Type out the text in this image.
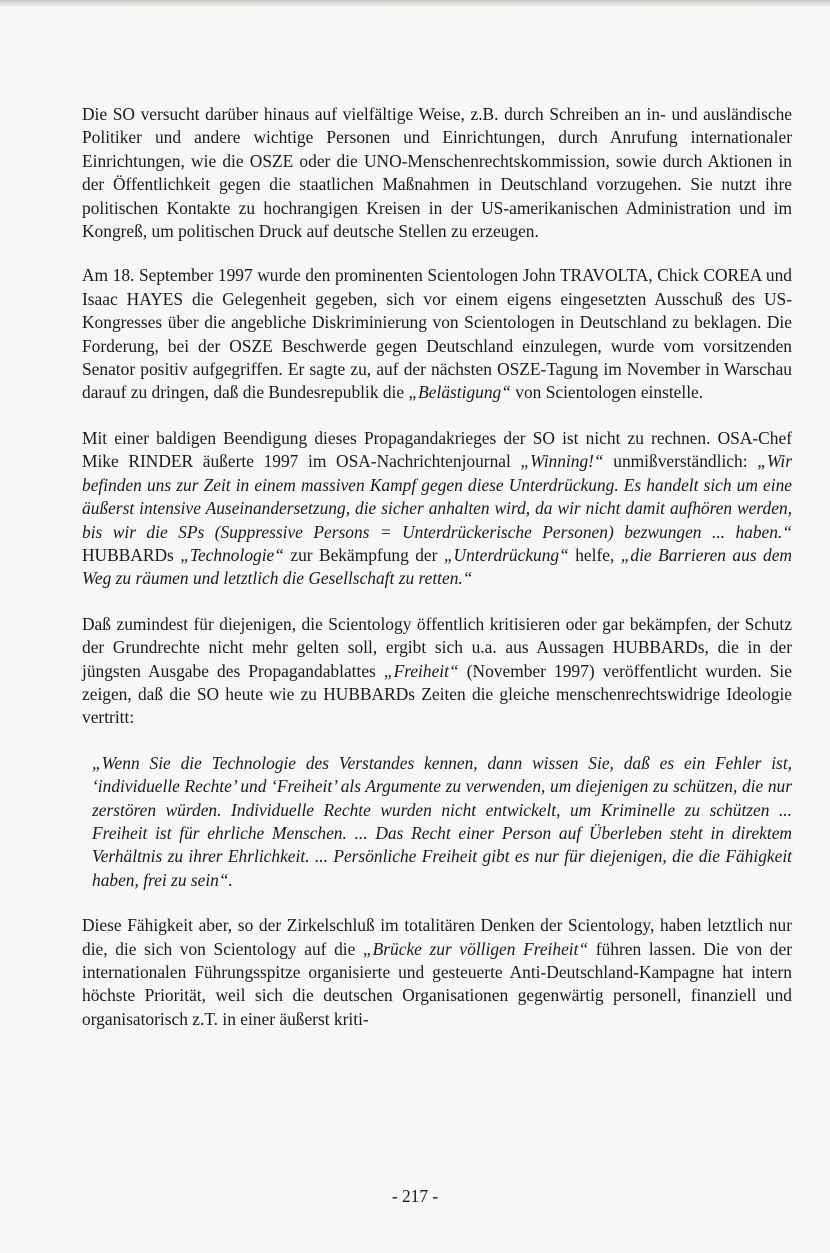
Die SO versucht darüber hinaus auf vielfältige Weise, z.B. durch Schreiben an in- und ausländische Politiker und andere wichtige Personen und Einrichtungen, durch Anrufung internationaler Einrichtungen, wie die OSZE oder die UNO-Menschenrechtskommission, sowie durch Aktionen in der Öffentlichkeit gegen die staatlichen Maßnahmen in Deutschland vorzugehen. Sie nutzt ihre politischen Kontakte zu hochrangigen Kreisen in der US-amerikanischen Administration und im Kongreß, um politischen Druck auf deutsche Stellen zu erzeugen.

Am 18. September 1997 wurde den prominenten Scientologen John TRAVOLTA, Chick COREA und Isaac HAYES die Gelegenheit gegeben, sich vor einem eigens eingesetzten Ausschuß des US-Kongresses über die angebliche Diskriminierung von Scientologen in Deutschland zu beklagen. Die Forderung, bei der OSZE Beschwerde gegen Deutschland einzulegen, wurde vom vorsitzenden Senator positiv aufgegriffen. Er sagte zu, auf der nächsten OSZE-Tagung im November in Warschau darauf zu dringen, daß die Bundesrepublik die „Belästigung“ von Scientologen einstelle.

Mit einer baldigen Beendigung dieses Propagandakrieges der SO ist nicht zu rechnen. OSA-Chef Mike RINDER äußerte 1997 im OSA-Nachrichtenjournal „Winning!“ unmißverständlich: „Wir befinden uns zur Zeit in einem massiven Kampf gegen diese Unterdrückung. Es handelt sich um eine äußerst intensive Auseinandersetzung, die sicher anhalten wird, da wir nicht damit aufhören werden, bis wir die SPs (Suppressive Persons = Unterdrückerische Personen) bezwungen ... haben.“ HUBBARDs „Technologie“ zur Bekämpfung der „Unterdrückung“ helfe, „die Barrieren aus dem Weg zu räumen und letztlich die Gesellschaft zu retten.“

Daß zumindest für diejenigen, die Scientology öffentlich kritisieren oder gar bekämpfen, der Schutz der Grundrechte nicht mehr gelten soll, ergibt sich u.a. aus Aussagen HUBBARDs, die in der jüngsten Ausgabe des Propagandablattes „Freiheit“ (November 1997) veröffentlicht wurden. Sie zeigen, daß die SO heute wie zu HUBBARDs Zeiten die gleiche menschenrechtswidrige Ideologie vertritt:

„Wenn Sie die Technologie des Verstandes kennen, dann wissen Sie, daß es ein Fehler ist, ‘individuelle Rechte’ und ‘Freiheit’ als Argumente zu verwenden, um diejenigen zu schützen, die nur zerstören würden. Individuelle Rechte wurden nicht entwickelt, um Kriminelle zu schützen ... Freiheit ist für ehrliche Menschen. ... Das Recht einer Person auf Überleben steht in direktem Verhältnis zu ihrer Ehrlichkeit. ... Persönliche Freiheit gibt es nur für diejenigen, die die Fähigkeit haben, frei zu sein“.

Diese Fähigkeit aber, so der Zirkelschluß im totalitären Denken der Scientology, haben letztlich nur die, die sich von Scientology auf die „Brücke zur völligen Freiheit“ führen lassen. Die von der internationalen Führungsspitze organisierte und gesteuerte Anti-Deutschland-Kampagne hat intern höchste Priorität, weil sich die deutschen Organisationen gegenwärtig personell, finanziell und organisatorisch z.T. in einer äußerst kriti-

- 217 -
